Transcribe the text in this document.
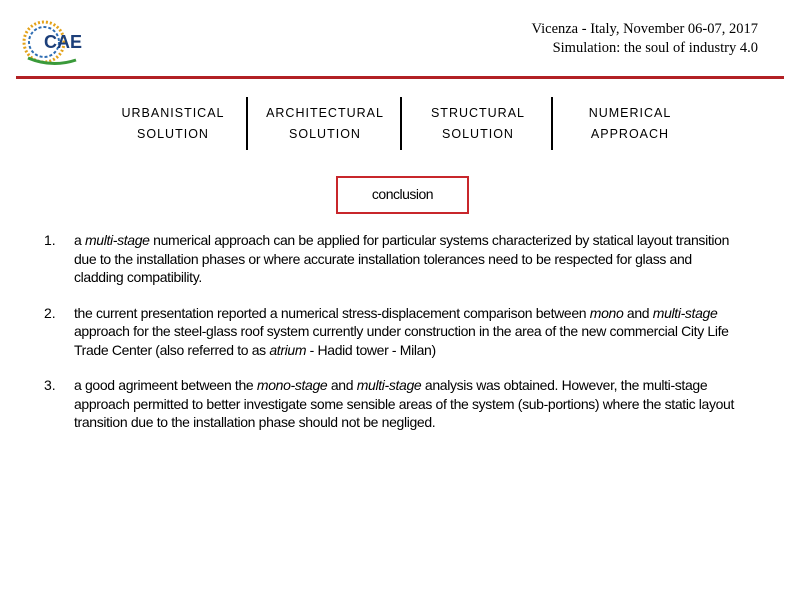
CAE
Vicenza - Italy, November 06-07, 2017
Simulation: the soul of industry 4.0
URBANISTICAL
SOLUTION
ARCHITECTURAL
SOLUTION
STRUCTURAL
SOLUTION
NUMERICAL
APPROACH
conclusion
1. a multi-stage numerical approach can be applied for particular systems characterized by statical layout transition due to the installation phases or where accurate installation tolerances need to be respected for glass and cladding compatibility.
2. the current presentation reported a numerical stress-displacement comparison between mono and multi-stage approach for the steel-glass roof system currently under construction in the area of the new commercial City Life Trade Center (also referred to as atrium - Hadid tower - Milan)
3. a good agrimeent between the mono-stage and multi-stage analysis was obtained. However, the multi-stage approach permitted to better investigate some sensible areas of the system (sub-portions) where the static layout transition due to the installation phase should not be negliged.
